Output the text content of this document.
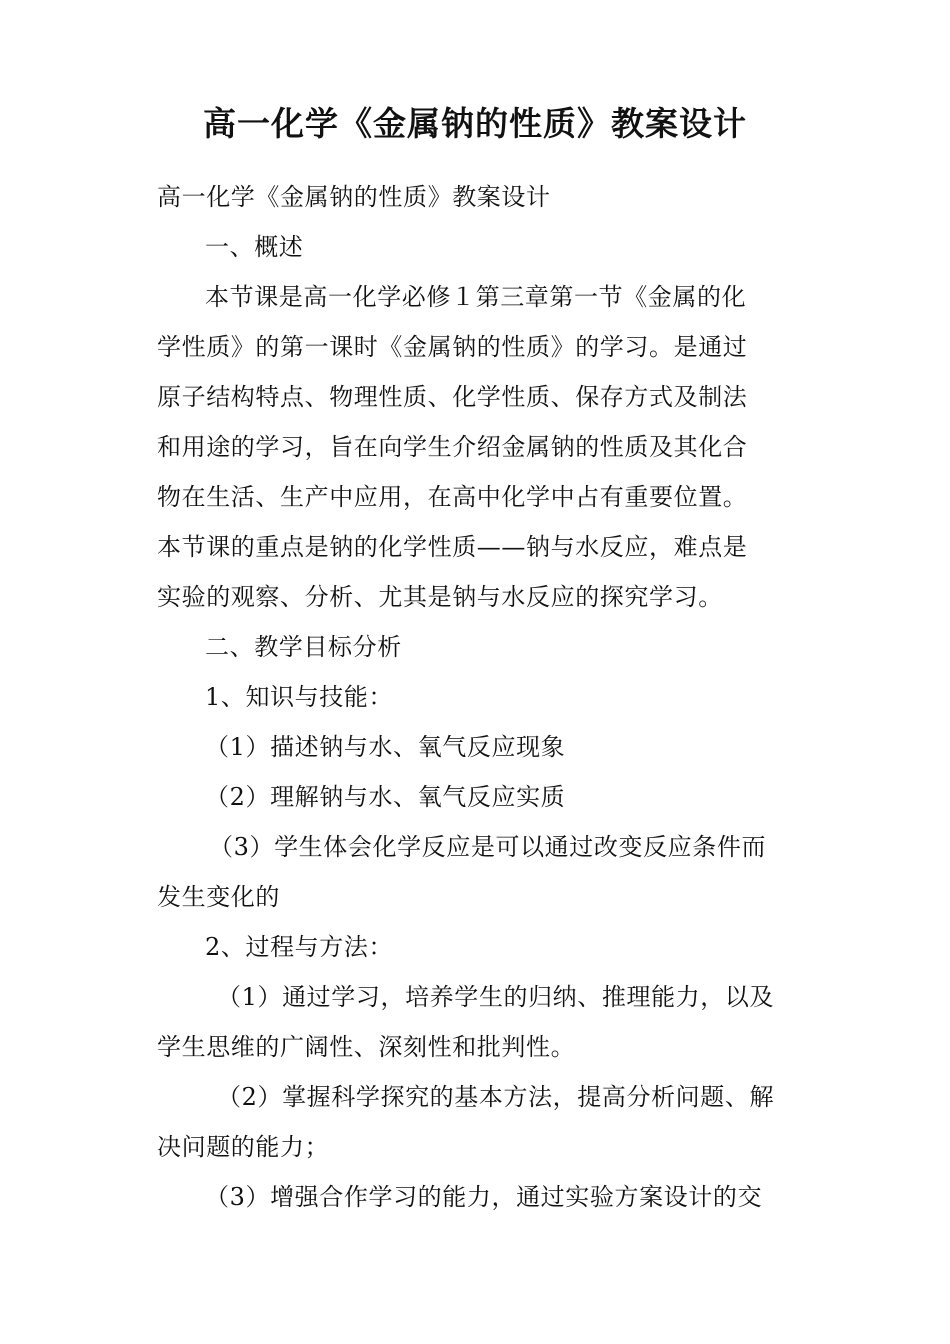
高一化学《金属钠的性质》教案设计

高一化学《金属钠的性质》教案设计

一、概述

本节课是高一化学必修１第三章第一节《金属的化

学性质》的第一课时《金属钠的性质》的学习。是通过

原子结构特点、物理性质、化学性质、保存方式及制法

和用途的学习，旨在向学生介绍金属钠的性质及其化合

物在生活、生产中应用，在高中化学中占有重要位置。

本节课的重点是钠的化学性质——钠与水反应，难点是

实验的观察、分析、尤其是钠与水反应的探究学习。

二、教学目标分析

1、知识与技能：

（1）描述钠与水、氧气反应现象

（2）理解钠与水、氧气反应实质

（3）学生体会化学反应是可以通过改变反应条件而

发生变化的

2、过程与方法：

（1）通过学习，培养学生的归纳、推理能力，以及

学生思维的广阔性、深刻性和批判性。

（2）掌握科学探究的基本方法，提高分析问题、解

决问题的能力；

（3）增强合作学习的能力，通过实验方案设计的交
